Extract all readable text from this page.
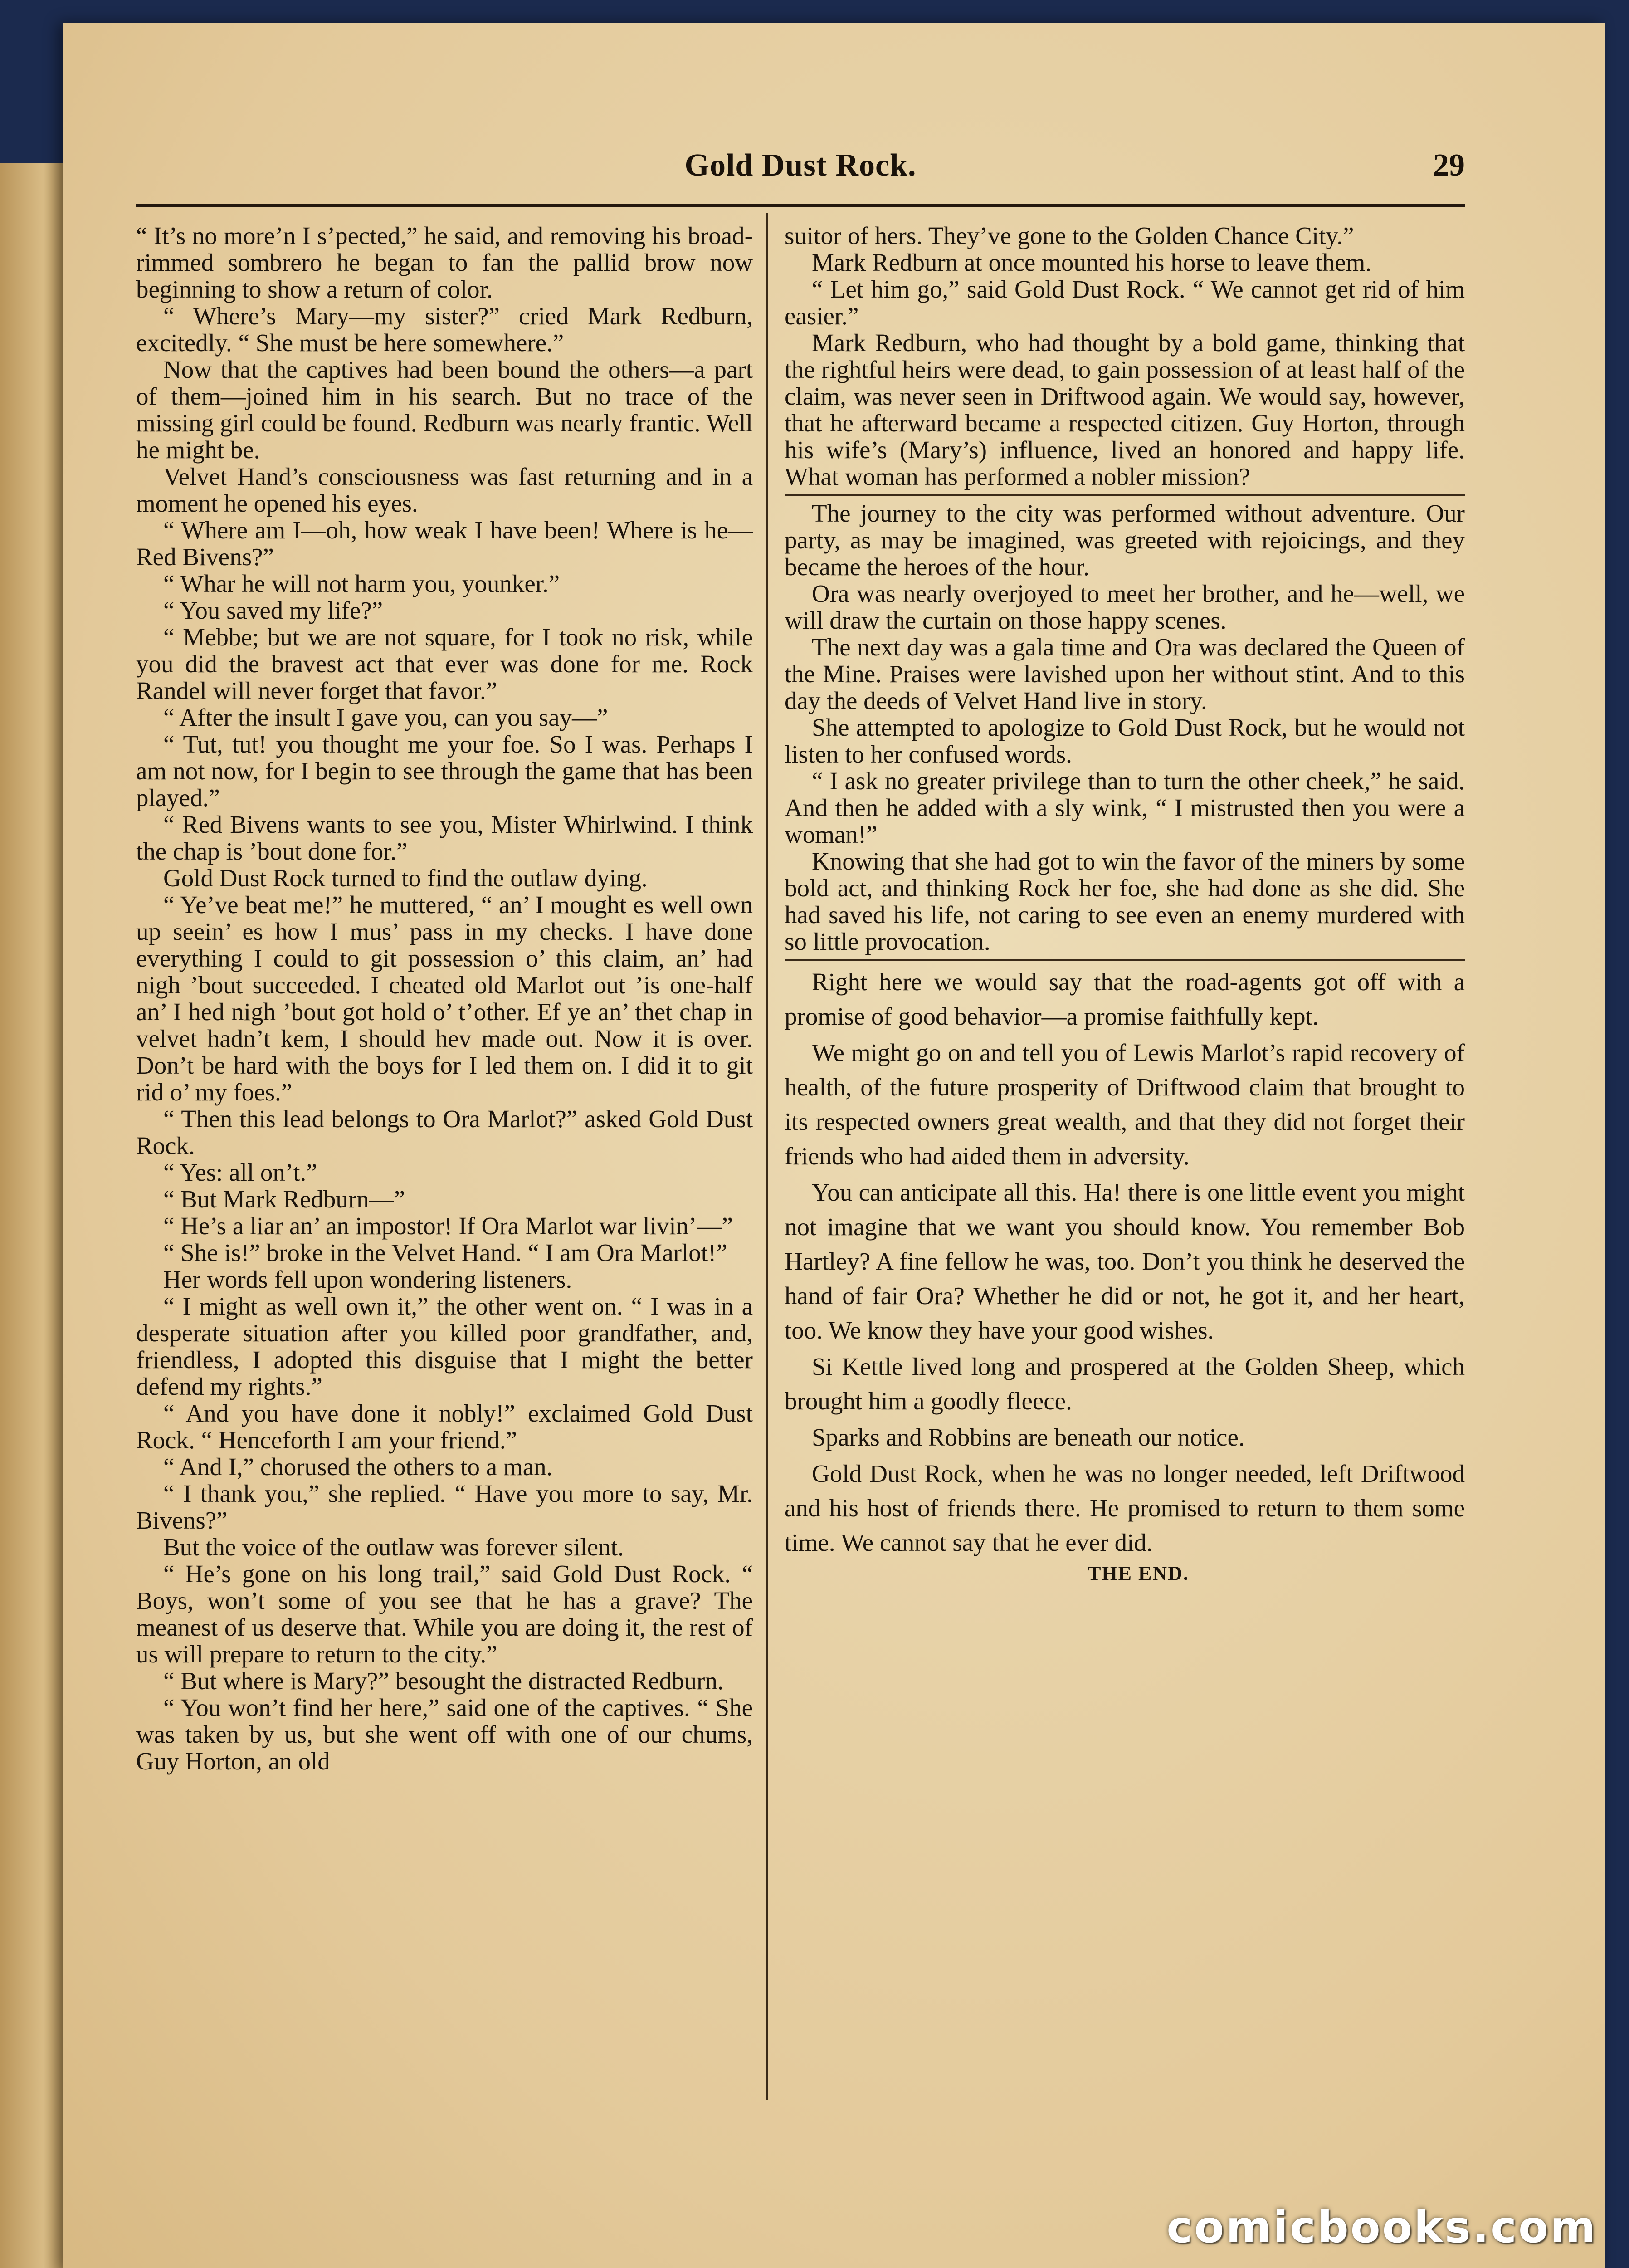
Gold Dust Rock.	29

“ It’s no more’n I s’pected,” he said, and removing his broad-rimmed sombrero he began to fan the pallid brow now beginning to show a return of color.

“ Where’s Mary—my sister?” cried Mark Redburn, excitedly. “ She must be here somewhere.”

Now that the captives had been bound the others—a part of them—joined him in his search. But no trace of the missing girl could be found. Redburn was nearly frantic. Well he might be.

Velvet Hand’s consciousness was fast returning and in a moment he opened his eyes.

“ Where am I—oh, how weak I have been! Where is he—Red Bivens?”

“ Whar he will not harm you, younker.”

“ You saved my life?”

“ Mebbe; but we are not square, for I took no risk, while you did the bravest act that ever was done for me. Rock Randel will never forget that favor.”

“ After the insult I gave you, can you say—”

“ Tut, tut! you thought me your foe. So I was. Perhaps I am not now, for I begin to see through the game that has been played.”

“ Red Bivens wants to see you, Mister Whirlwind. I think the chap is ’bout done for.”

Gold Dust Rock turned to find the outlaw dying.

“ Ye’ve beat me!” he muttered, “ an’ I mought es well own up seein’ es how I mus’ pass in my checks. I have done everything I could to git possession o’ this claim, an’ had nigh ’bout succeeded. I cheated old Marlot out ’is one-half an’ I hed nigh ’bout got hold o’ t’other. Ef ye an’ thet chap in velvet hadn’t kem, I should hev made out. Now it is over. Don’t be hard with the boys for I led them on. I did it to git rid o’ my foes.”

“ Then this lead belongs to Ora Marlot?” asked Gold Dust Rock.

“ Yes: all on’t.”

“ But Mark Redburn—”

“ He’s a liar an’ an impostor! If Ora Marlot war livin’—”

“ She is!” broke in the Velvet Hand. “ I am Ora Marlot!”

Her words fell upon wondering listeners.

“ I might as well own it,” the other went on. “ I was in a desperate situation after you killed poor grandfather, and, friendless, I adopted this disguise that I might the better defend my rights.”

“ And you have done it nobly!” exclaimed Gold Dust Rock. “ Henceforth I am your friend.”

“ And I,” chorused the others to a man.

“ I thank you,” she replied. “ Have you more to say, Mr. Bivens?”

But the voice of the outlaw was forever silent.

“ He’s gone on his long trail,” said Gold Dust Rock. “ Boys, won’t some of you see that he has a grave? The meanest of us deserve that. While you are doing it, the rest of us will prepare to return to the city.”

“ But where is Mary?” besought the distracted Redburn.

“ You won’t find her here,” said one of the captives. “ She was taken by us, but she went off with one of our chums, Guy Horton, an old

suitor of hers. They’ve gone to the Golden Chance City.”

Mark Redburn at once mounted his horse to leave them.

“ Let him go,” said Gold Dust Rock. “ We cannot get rid of him easier.”

Mark Redburn, who had thought by a bold game, thinking that the rightful heirs were dead, to gain possession of at least half of the claim, was never seen in Driftwood again. We would say, however, that he afterward became a respected citizen. Guy Horton, through his wife’s (Mary’s) influence, lived an honored and happy life. What woman has performed a nobler mission?

The journey to the city was performed without adventure. Our party, as may be imagined, was greeted with rejoicings, and they became the heroes of the hour.

Ora was nearly overjoyed to meet her brother, and he—well, we will draw the curtain on those happy scenes.

The next day was a gala time and Ora was declared the Queen of the Mine. Praises were lavished upon her without stint. And to this day the deeds of Velvet Hand live in story.

She attempted to apologize to Gold Dust Rock, but he would not listen to her confused words.

“ I ask no greater privilege than to turn the other cheek,” he said. And then he added with a sly wink, “ I mistrusted then you were a woman!”

Knowing that she had got to win the favor of the miners by some bold act, and thinking Rock her foe, she had done as she did. She had saved his life, not caring to see even an enemy murdered with so little provocation.

Right here we would say that the road-agents got off with a promise of good behavior—a promise faithfully kept.

We might go on and tell you of Lewis Marlot’s rapid recovery of health, of the future prosperity of Driftwood claim that brought to its respected owners great wealth, and that they did not forget their friends who had aided them in adversity.

You can anticipate all this. Ha! there is one little event you might not imagine that we want you should know. You remember Bob Hartley? A fine fellow he was, too. Don’t you think he deserved the hand of fair Ora? Whether he did or not, he got it, and her heart, too. We know they have your good wishes.

Si Kettle lived long and prospered at the Golden Sheep, which brought him a goodly fleece.

Sparks and Robbins are beneath our notice.

Gold Dust Rock, when he was no longer needed, left Driftwood and his host of friends there. He promised to return to them some time. We cannot say that he ever did.

THE END.

comicbooks.com
